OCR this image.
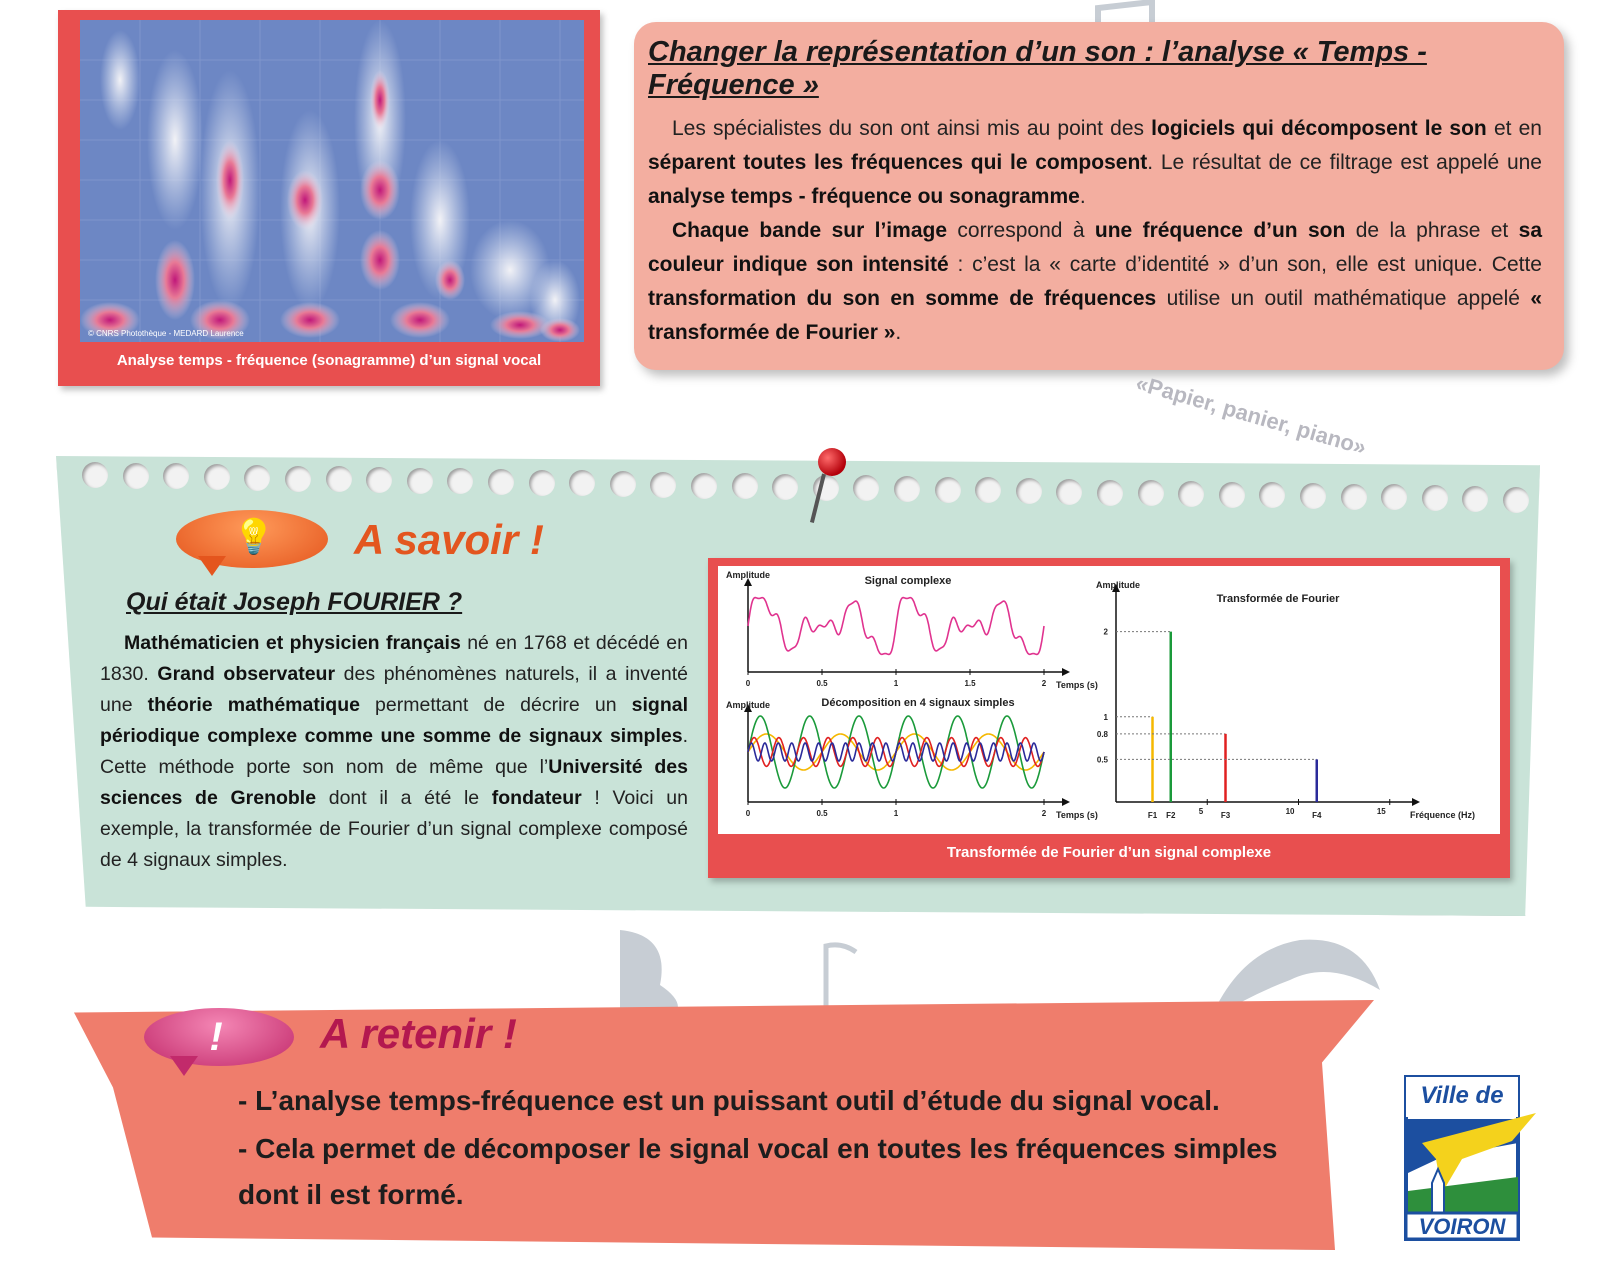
© CNRS Photothèque - MEDARD Laurence
Analyse temps - fréquence (sonagramme) d’un signal vocal
Changer la représentation d’un son : l’analyse « Temps - Fréquence »
Les spécialistes du son ont ainsi mis au point des logiciels qui décomposent le son et en séparent toutes les fréquences qui le composent. Le résultat de ce filtrage est appelé une analyse temps - fréquence ou sonagramme.
Chaque bande sur l’image correspond à une fréquence d’un son de la phrase et sa couleur indique son intensité : c’est la « carte d’identité » d’un son, elle est unique. Cette transformation du son en somme de fréquences utilise un outil mathématique appelé « transformée de Fourier ».
«Papier, panier, piano»
💡 A savoir !
Qui était Joseph FOURIER ?
Mathématicien et physicien français né en 1768 et décédé en 1830. Grand observateur des phénomènes naturels, il a inventé une théorie mathématique permettant de décrire un signal périodique complexe comme une somme de signaux simples. Cette méthode porte son nom de même que l’Université des sciences de Grenoble dont il a été le fondateur ! Voici un exemple, la transformée de Fourier d’un signal complexe composé de 4 signaux simples.
Amplitude	Signal complexe
Temps (s)
0	0.5	1	1.5	2
Amplitude	Décomposition en 4 signaux simples
Temps (s)
0	0.5	1	2
Amplitude
Transformée de Fourier
Fréquence (Hz)
0.5
0.8
1
2
5	10	15
F1 F2	F3	F4
Transformée de Fourier d’un signal complexe
!	A retenir !
- L’analyse temps-fréquence est un puissant outil d’étude du signal vocal.
- Cela permet de décomposer le signal vocal en toutes les fréquences simples dont il est formé.
Ville de
VOIRON
